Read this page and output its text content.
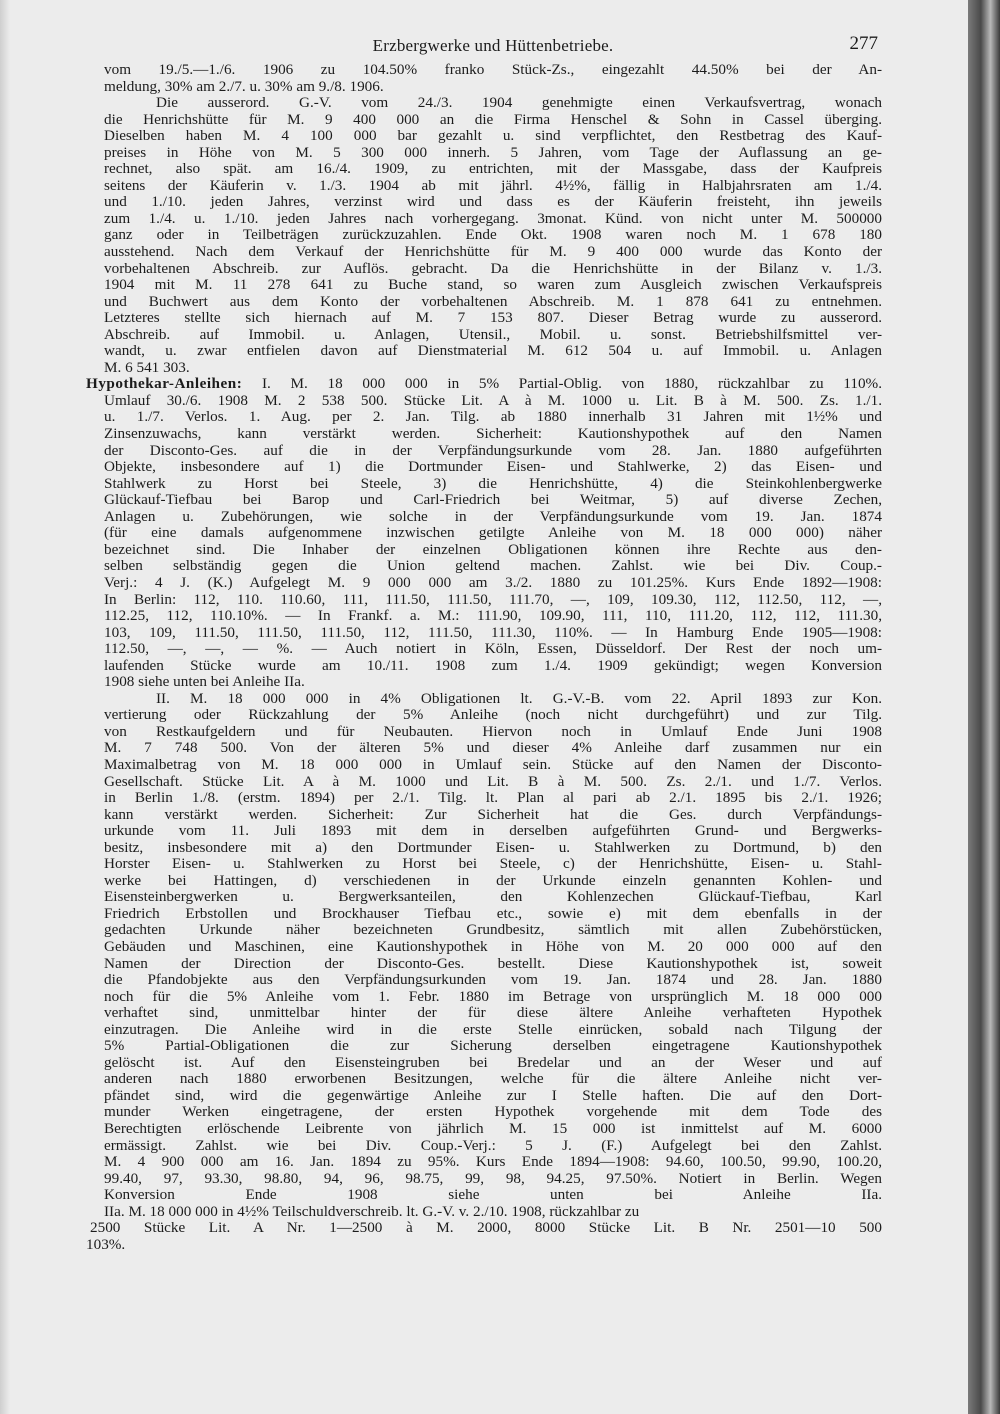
Erzbergwerke und Hüttenbetriebe.	277

vom 19./5.—1./6. 1906 zu 104.50% franko Stück-Zs., eingezahlt 44.50% bei der An-

meldung, 30% am 2./7. u. 30% am 9./8. 1906.

Die ausserord. G.-V. vom 24./3. 1904 genehmigte einen Verkaufsvertrag, wonach

die Henrichshütte für M. 9 400 000 an die Firma Henschel & Sohn in Cassel überging.

Dieselben haben M. 4 100 000 bar gezahlt u. sind verpflichtet, den Restbetrag des Kauf-

preises in Höhe von M. 5 300 000 innerh. 5 Jahren, vom Tage der Auflassung an ge-

rechnet, also spät. am 16./4. 1909, zu entrichten, mit der Massgabe, dass der Kaufpreis

seitens der Käuferin v. 1./3. 1904 ab mit jährl. 4½%, fällig in Halbjahrsraten am 1./4.

und 1./10. jeden Jahres, verzinst wird und dass es der Käuferin freisteht, ihn jeweils

zum 1./4. u. 1./10. jeden Jahres nach vorhergegang. 3monat. Künd. von nicht unter M. 500000

ganz oder in Teilbeträgen zurückzuzahlen. Ende Okt. 1908 waren noch M. 1 678 180

ausstehend. Nach dem Verkauf der Henrichshütte für M. 9 400 000 wurde das Konto der

vorbehaltenen Abschreib. zur Auflös. gebracht. Da die Henrichshütte in der Bilanz v. 1./3.

1904 mit M. 11 278 641 zu Buche stand, so waren zum Ausgleich zwischen Verkaufspreis

und Buchwert aus dem Konto der vorbehaltenen Abschreib. M. 1 878 641 zu entnehmen.

Letzteres stellte sich hiernach auf M. 7 153 807. Dieser Betrag wurde zu ausserord.

Abschreib. auf Immobil. u. Anlagen, Utensil., Mobil. u. sonst. Betriebshilfsmittel ver-

wandt, u. zwar entfielen davon auf Dienstmaterial M. 612 504 u. auf Immobil. u. Anlagen

M. 6 541 303.

Hypothekar-Anleihen: I. M. 18 000 000 in 5% Partial-Oblig. von 1880, rückzahlbar zu 110%.

Umlauf 30./6. 1908 M. 2 538 500. Stücke Lit. A à M. 1000 u. Lit. B à M. 500. Zs. 1./1.

u. 1./7. Verlos. 1. Aug. per 2. Jan. Tilg. ab 1880 innerhalb 31 Jahren mit 1½% und

Zinsenzuwachs, kann verstärkt werden. Sicherheit: Kautionshypothek auf den Namen

der Disconto-Ges. auf die in der Verpfändungsurkunde vom 28. Jan. 1880 aufgeführten

Objekte, insbesondere auf 1) die Dortmunder Eisen- und Stahlwerke, 2) das Eisen- und

Stahlwerk zu Horst bei Steele, 3) die Henrichshütte, 4) die Steinkohlenbergwerke

Glückauf-Tiefbau bei Barop und Carl-Friedrich bei Weitmar, 5) auf diverse Zechen,

Anlagen u. Zubehörungen, wie solche in der Verpfändungsurkunde vom 19. Jan. 1874

(für eine damals aufgenommene inzwischen getilgte Anleihe von M. 18 000 000) näher

bezeichnet sind. Die Inhaber der einzelnen Obligationen können ihre Rechte aus den-

selben selbständig gegen die Union geltend machen. Zahlst. wie bei Div. Coup.-

Verj.: 4 J. (K.) Aufgelegt M. 9 000 000 am 3./2. 1880 zu 101.25%. Kurs Ende 1892—1908:

In Berlin: 112, 110. 110.60, 111, 111.50, 111.50, 111.70, —, 109, 109.30, 112, 112.50, 112, —,

112.25, 112, 110.10%. — In Frankf. a. M.: 111.90, 109.90, 111, 110, 111.20, 112, 112, 111.30,

103, 109, 111.50, 111.50, 111.50, 112, 111.50, 111.30, 110%. — In Hamburg Ende 1905—1908:

112.50, —, —, — %. — Auch notiert in Köln, Essen, Düsseldorf. Der Rest der noch um-

laufenden Stücke wurde am 10./11. 1908 zum 1./4. 1909 gekündigt; wegen Konversion

1908 siehe unten bei Anleihe IIa.

II. M. 18 000 000 in 4% Obligationen lt. G.-V.-B. vom 22. April 1893 zur Kon.

vertierung oder Rückzahlung der 5% Anleihe (noch nicht durchgeführt) und zur Tilg.

von Restkaufgeldern und für Neubauten. Hiervon noch in Umlauf Ende Juni 1908

M. 7 748 500. Von der älteren 5% und dieser 4% Anleihe darf zusammen nur ein

Maximalbetrag von M. 18 000 000 in Umlauf sein. Stücke auf den Namen der Disconto-

Gesellschaft. Stücke Lit. A à M. 1000 und Lit. B à M. 500. Zs. 2./1. und 1./7. Verlos.

in Berlin 1./8. (erstm. 1894) per 2./1. Tilg. lt. Plan al pari ab 2./1. 1895 bis 2./1. 1926;

kann verstärkt werden. Sicherheit: Zur Sicherheit hat die Ges. durch Verpfändungs-

urkunde vom 11. Juli 1893 mit dem in derselben aufgeführten Grund- und Bergwerks-

besitz, insbesondere mit a) den Dortmunder Eisen- u. Stahlwerken zu Dortmund, b) den

Horster Eisen- u. Stahlwerken zu Horst bei Steele, c) der Henrichshütte, Eisen- u. Stahl-

werke bei Hattingen, d) verschiedenen in der Urkunde einzeln genannten Kohlen- und

Eisensteinbergwerken u. Bergwerksanteilen, den Kohlenzechen Glückauf-Tiefbau, Karl

Friedrich Erbstollen und Brockhauser Tiefbau etc., sowie e) mit dem ebenfalls in der

gedachten Urkunde näher bezeichneten Grundbesitz, sämtlich mit allen Zubehörstücken,

Gebäuden und Maschinen, eine Kautionshypothek in Höhe von M. 20 000 000 auf den

Namen der Direction der Disconto-Ges. bestellt. Diese Kautionshypothek ist, soweit

die Pfandobjekte aus den Verpfändungsurkunden vom 19. Jan. 1874 und 28. Jan. 1880

noch für die 5% Anleihe vom 1. Febr. 1880 im Betrage von ursprünglich M. 18 000 000

verhaftet sind, unmittelbar hinter der für diese ältere Anleihe verhafteten Hypothek

einzutragen. Die Anleihe wird in die erste Stelle einrücken, sobald nach Tilgung der

5% Partial-Obligationen die zur Sicherung derselben eingetragene Kautionshypothek

gelöscht ist. Auf den Eisensteingruben bei Bredelar und an der Weser und auf

anderen nach 1880 erworbenen Besitzungen, welche für die ältere Anleihe nicht ver-

pfändet sind, wird die gegenwärtige Anleihe zur I Stelle haften. Die auf den Dort-

munder Werken eingetragene, der ersten Hypothek vorgehende mit dem Tode des

Berechtigten erlöschende Leibrente von jährlich M. 15 000 ist inmittelst auf M. 6000

ermässigt. Zahlst. wie bei Div. Coup.-Verj.: 5 J. (F.) Aufgelegt bei den Zahlst.

M. 4 900 000 am 16. Jan. 1894 zu 95%. Kurs Ende 1894—1908: 94.60, 100.50, 99.90, 100.20,

99.40, 97, 93.30, 98.80, 94, 96, 98.75, 99, 98, 94.25, 97.50%. Notiert in Berlin. Wegen

Konversion Ende 1908 siehe unten bei Anleihe IIa.

IIa. M. 18 000 000 in 4½% Teilschuldverschreib. lt. G.-V. v. 2./10. 1908, rückzahlbar zu

2500 Stücke Lit. A Nr. 1—2500 à M. 2000, 8000 Stücke Lit. B Nr. 2501—10 500

103%.
